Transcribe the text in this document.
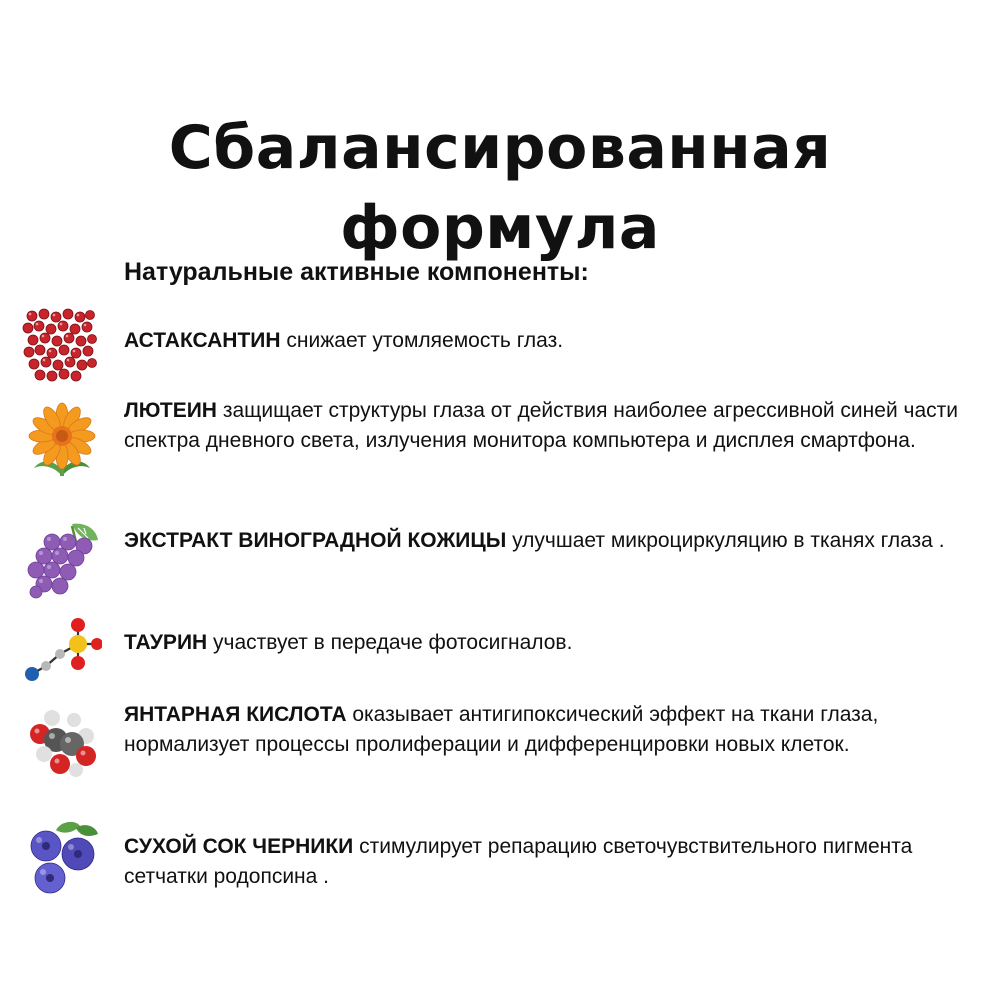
Сбалансированная формула
Натуральные активные компоненты:
АСТАКСАНТИН снижает утомляемость глаз.
ЛЮТЕИН защищает структуры глаза от действия наиболее агрессивной синей части спектра дневного света, излучения монитора компьютера и дисплея смартфона.
ЭКСТРАКТ ВИНОГРАДНОЙ КОЖИЦЫ улучшает микроциркуляцию в тканях глаза .
ТАУРИН участвует в передаче фотосигналов.
ЯНТАРНАЯ КИСЛОТА оказывает антигипоксический эффект на ткани глаза, нормализует процессы пролиферации и дифференцировки новых клеток.
СУХОЙ СОК ЧЕРНИКИ стимулирует репарацию светочувствительного пигмента сетчатки родопсина .
